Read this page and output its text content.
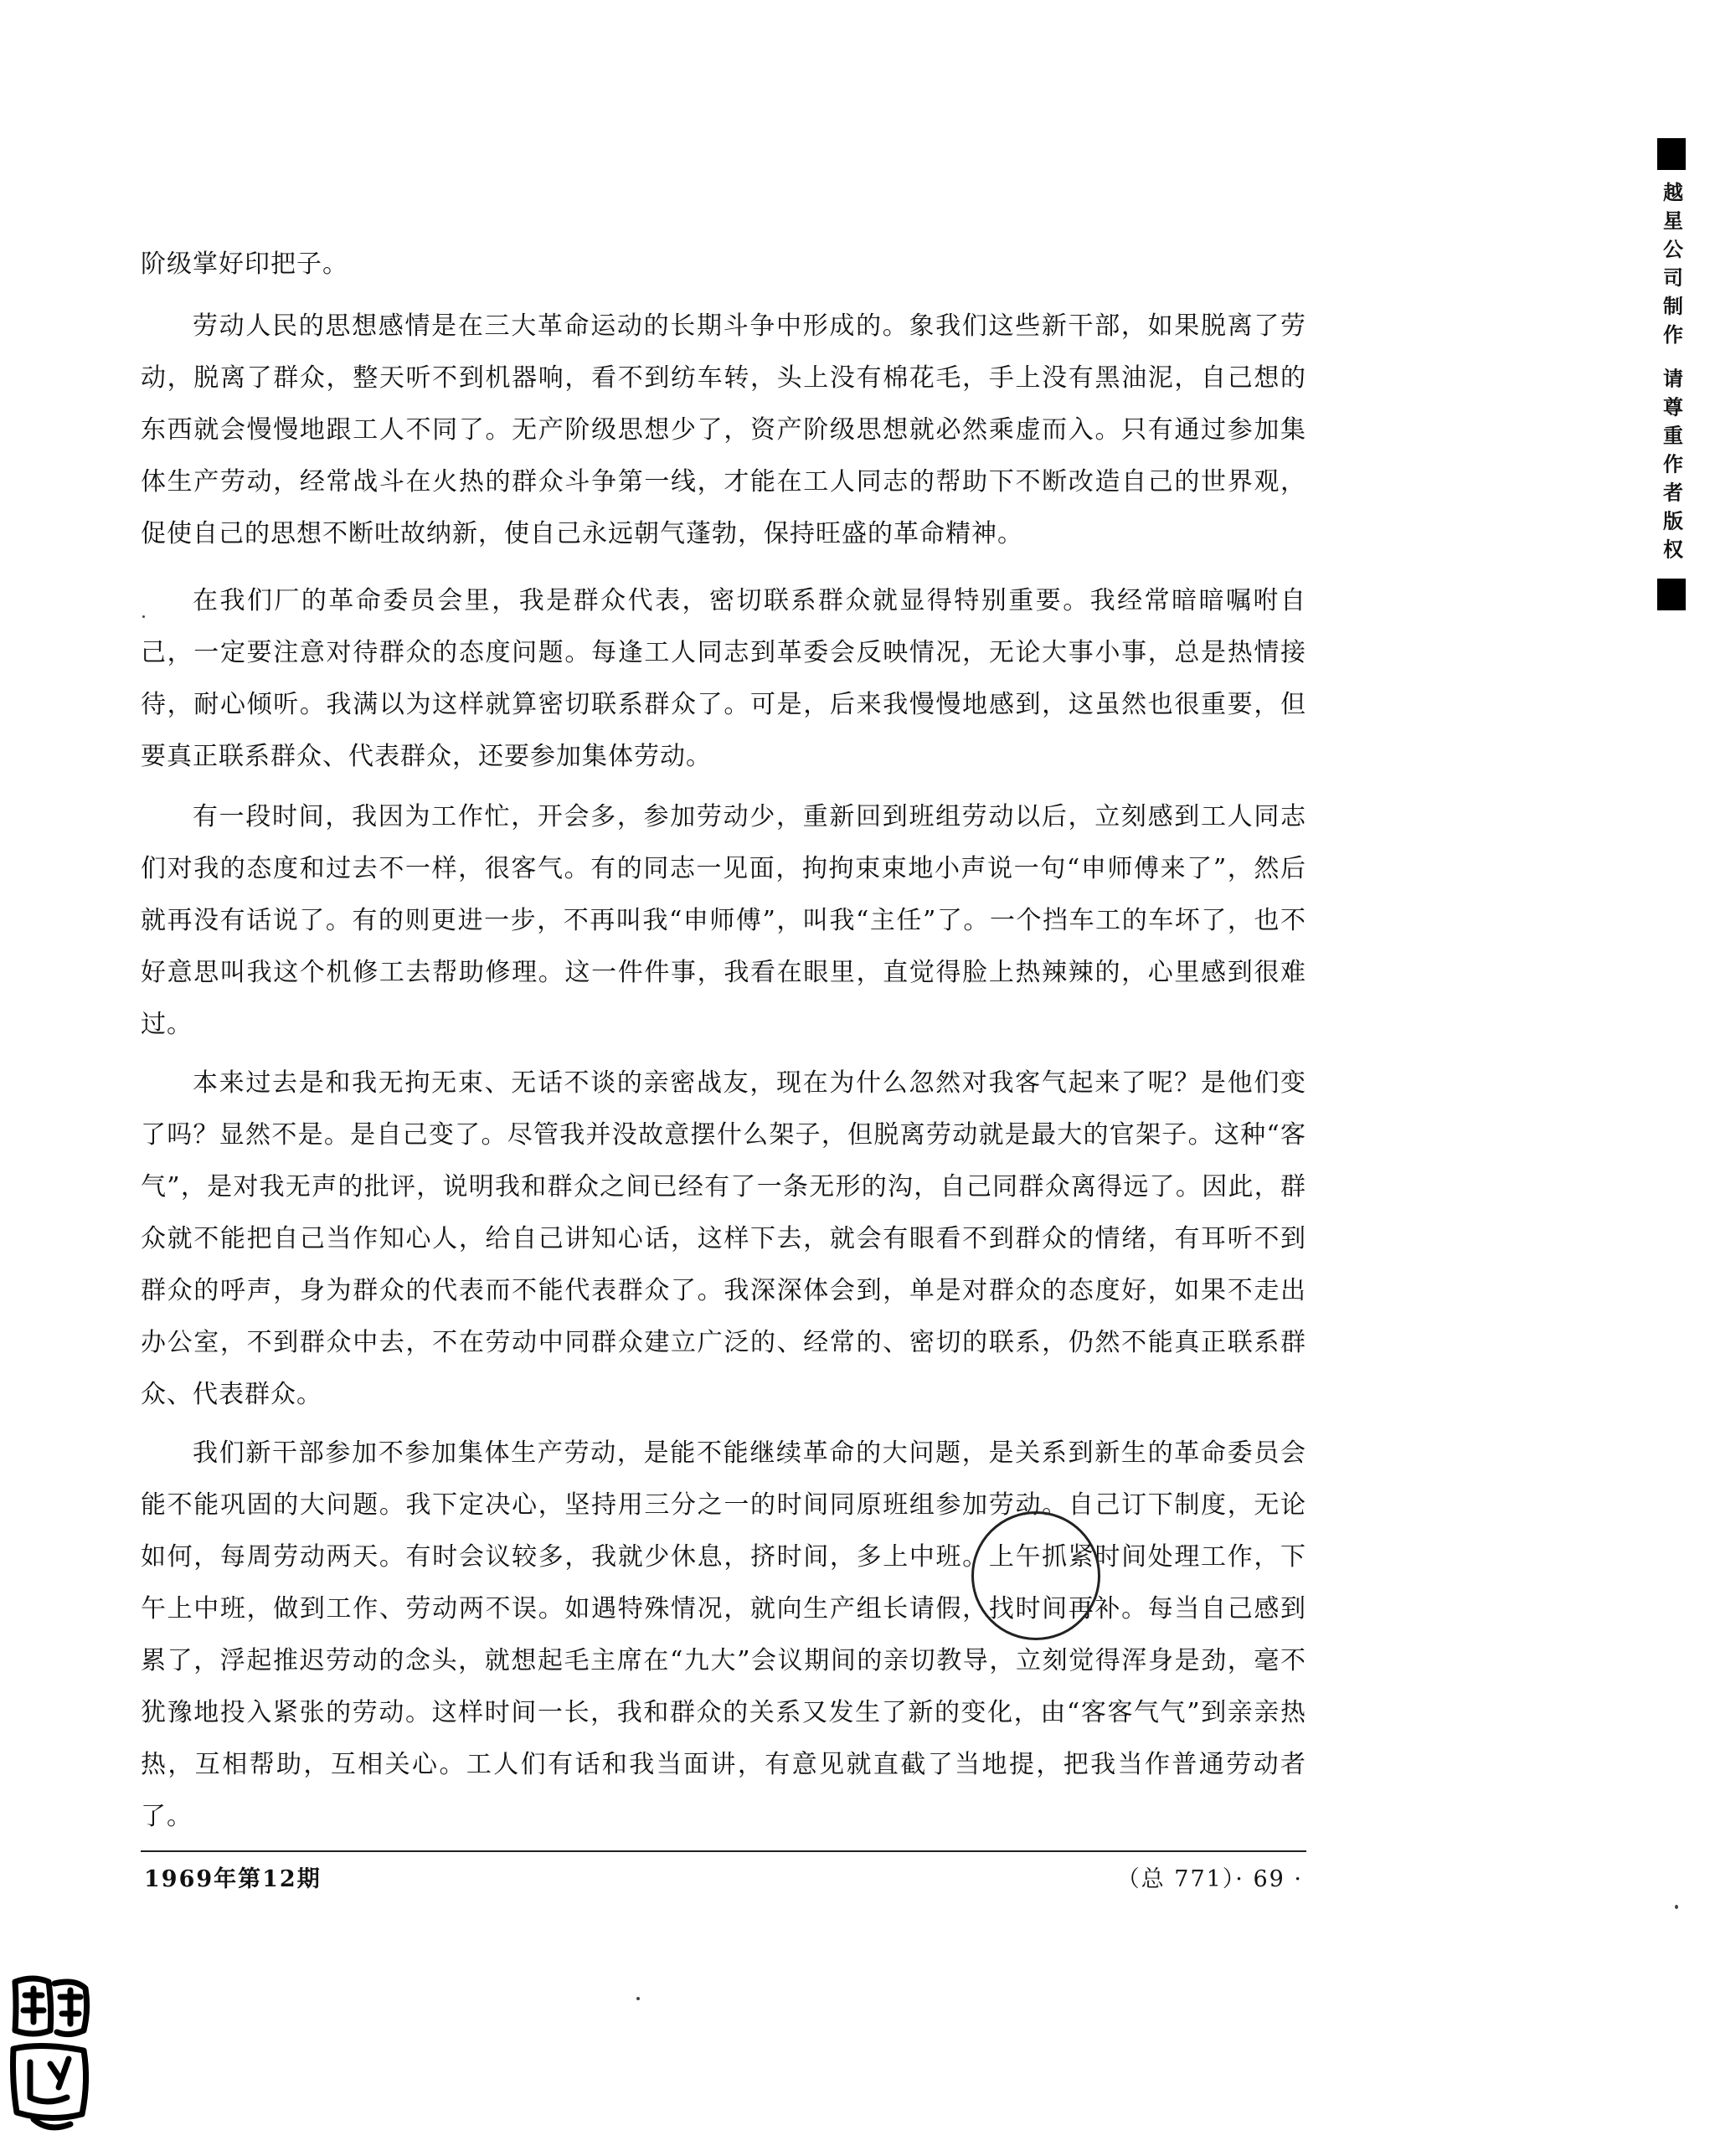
越星公司制作 请尊重作者版权

阶级掌好印把子。

劳动人民的思想感情是在三大革命运动的长期斗争中形成的。象我们这些新干部，如果脱离了劳动，脱离了群众，整天听不到机器响，看不到纺车转，头上没有棉花毛，手上没有黑油泥，自己想的东西就会慢慢地跟工人不同了。无产阶级思想少了，资产阶级思想就必然乘虚而入。只有通过参加集体生产劳动，经常战斗在火热的群众斗争第一线，才能在工人同志的帮助下不断改造自己的世界观，促使自己的思想不断吐故纳新，使自己永远朝气蓬勃，保持旺盛的革命精神。

在我们厂的革命委员会里，我是群众代表，密切联系群众就显得特别重要。我经常暗暗嘱咐自己，一定要注意对待群众的态度问题。每逢工人同志到革委会反映情况，无论大事小事，总是热情接待，耐心倾听。我满以为这样就算密切联系群众了。可是，后来我慢慢地感到，这虽然也很重要，但要真正联系群众、代表群众，还要参加集体劳动。

有一段时间，我因为工作忙，开会多，参加劳动少，重新回到班组劳动以后，立刻感到工人同志们对我的态度和过去不一样，很客气。有的同志一见面，拘拘束束地小声说一句“申师傅来了”，然后就再没有话说了。有的则更进一步，不再叫我“申师傅”，叫我“主任”了。一个挡车工的车坏了，也不好意思叫我这个机修工去帮助修理。这一件件事，我看在眼里，直觉得脸上热辣辣的，心里感到很难过。

本来过去是和我无拘无束、无话不谈的亲密战友，现在为什么忽然对我客气起来了呢？是他们变了吗？显然不是。是自己变了。尽管我并没故意摆什么架子，但脱离劳动就是最大的官架子。这种“客气”，是对我无声的批评，说明我和群众之间已经有了一条无形的沟，自己同群众离得远了。因此，群众就不能把自己当作知心人，给自己讲知心话，这样下去，就会有眼看不到群众的情绪，有耳听不到群众的呼声，身为群众的代表而不能代表群众了。我深深体会到，单是对群众的态度好，如果不走出办公室，不到群众中去，不在劳动中同群众建立广泛的、经常的、密切的联系，仍然不能真正联系群众、代表群众。

我们新干部参加不参加集体生产劳动，是能不能继续革命的大问题，是关系到新生的革命委员会能不能巩固的大问题。我下定决心，坚持用三分之一的时间同原班组参加劳动。自己订下制度，无论如何，每周劳动两天。有时会议较多，我就少休息，挤时间，多上中班。上午抓紧时间处理工作，下午上中班，做到工作、劳动两不误。如遇特殊情况，就向生产组长请假，找时间再补。每当自己感到累了，浮起推迟劳动的念头，就想起毛主席在“九大”会议期间的亲切教导，立刻觉得浑身是劲，毫不犹豫地投入紧张的劳动。这样时间一长，我和群众的关系又发生了新的变化，由“客客气气”到亲亲热热，互相帮助，互相关心。工人们有话和我当面讲，有意见就直截了当地提，把我当作普通劳动者了。

1969年第12期	（总 771）· 69 ·
